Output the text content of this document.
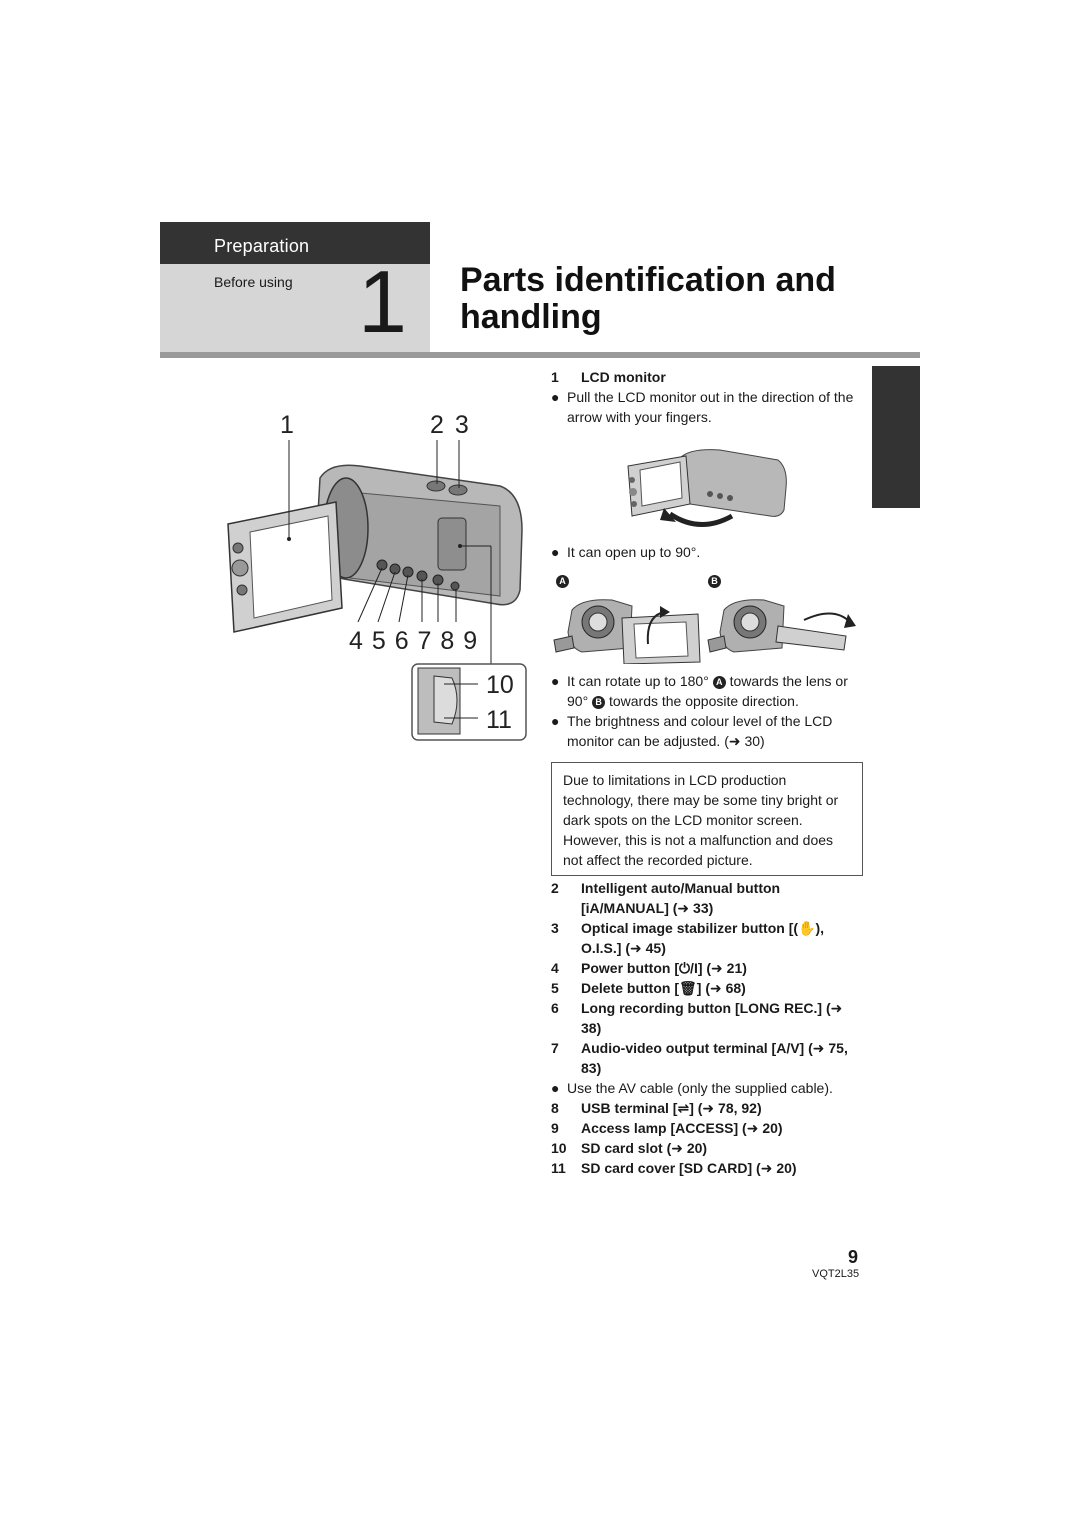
Preparation
Before using 1 Parts identification and handling
1	2 3
4 5 6 7 8 9
10
11
1	LCD monitor
● Pull the LCD monitor out in the direction of the arrow with your fingers.
● It can open up to 90°.
A	B
● It can rotate up to 180° A towards the lens or 90° B towards the opposite direction.
● The brightness and colour level of the LCD monitor can be adjusted. (➜ 30)
Due to limitations in LCD production technology, there may be some tiny bright or dark spots on the LCD monitor screen. However, this is not a malfunction and does not affect the recorded picture.
2	Intelligent auto/Manual button [iA/MANUAL] (➜ 33)
3	Optical image stabilizer button [(✋), O.I.S.] (➜ 45)
4	Power button [⏻/I] (➜ 21)
5	Delete button [🗑] (➜ 68)
6	Long recording button [LONG REC.] (➜ 38)
7	Audio-video output terminal [A/V] (➜ 75, 83)
● Use the AV cable (only the supplied cable).
8	USB terminal [⇌] (➜ 78, 92)
9	Access lamp [ACCESS] (➜ 20)
10	SD card slot (➜ 20)
11	SD card cover [SD CARD] (➜ 20)
9
VQT2L35
